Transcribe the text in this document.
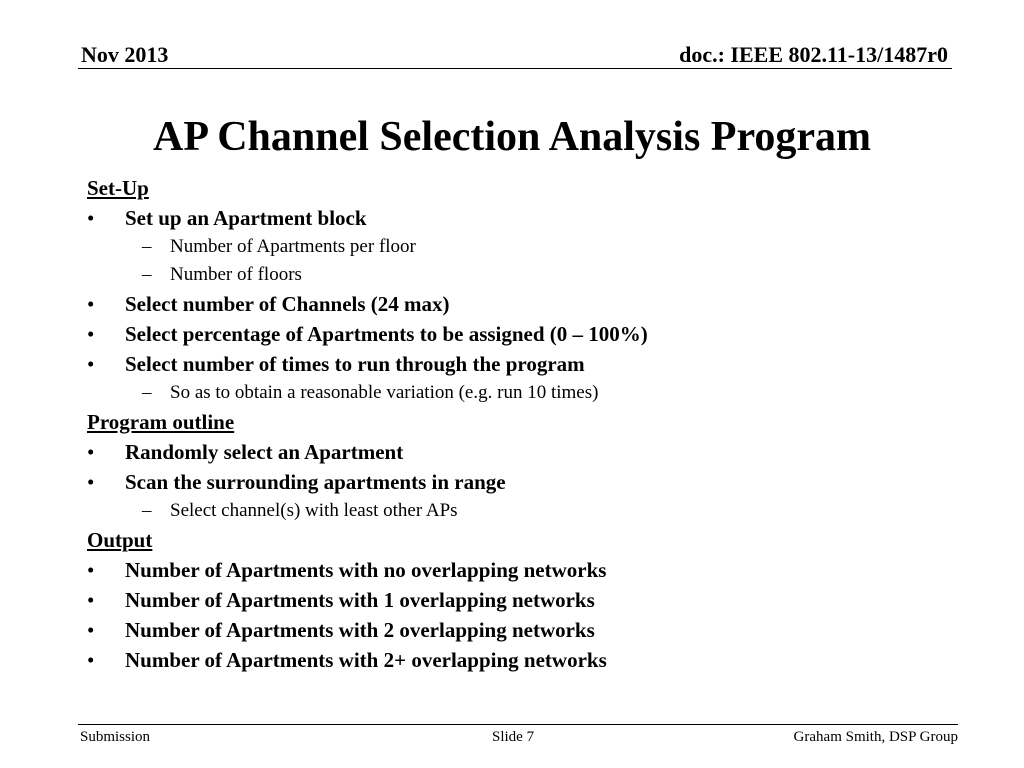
Nov 2013	doc.: IEEE 802.11-13/1487r0
AP Channel Selection Analysis Program
Set-Up
• Set up an Apartment block
– Number of Apartments per floor
– Number of floors
• Select number of Channels (24 max)
• Select percentage of Apartments to be assigned (0 – 100%)
• Select number of times to run through the program
– So as to obtain a reasonable variation (e.g. run 10 times)
Program outline
• Randomly select an Apartment
• Scan the surrounding apartments in range
– Select channel(s) with least other APs
Output
• Number of Apartments with no overlapping networks
• Number of Apartments with 1 overlapping networks
• Number of Apartments with 2 overlapping networks
• Number of Apartments with 2+ overlapping networks
Submission	Slide 7	Graham Smith, DSP Group
